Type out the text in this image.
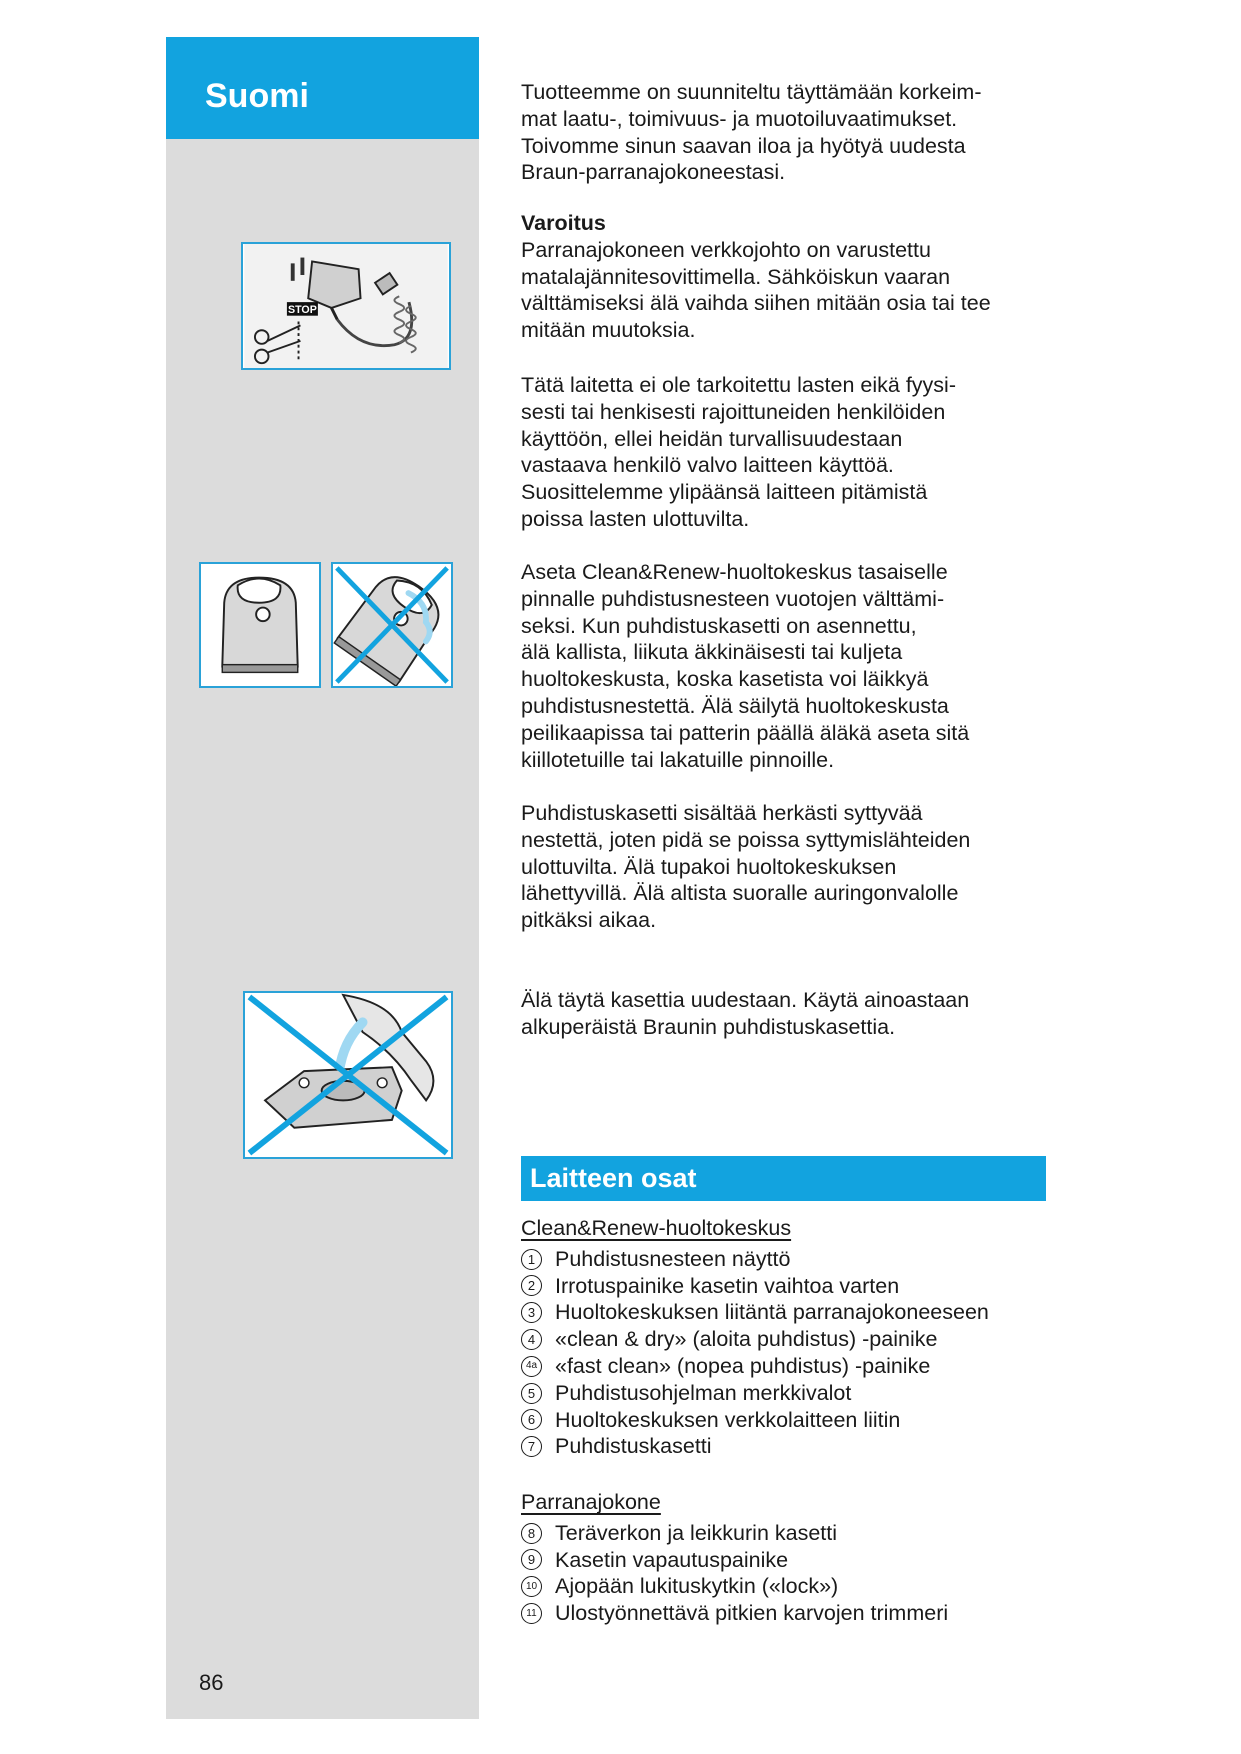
Suomi
86
STOP

Tuotteemme on suunniteltu täyttämään korkeim-

mat laatu-, toimivuus- ja muotoiluvaatimukset.

Toivomme sinun saavan iloa ja hyötyä uudesta

Braun-parranajokoneestasi.

Varoitus

Parranajokoneen verkkojohto on varustettu

matalajännitesovittimella. Sähköiskun vaaran

välttämiseksi älä vaihda siihen mitään osia tai tee

mitään muutoksia.

Tätä laitetta ei ole tarkoitettu lasten eikä fyysi-

sesti tai henkisesti rajoittuneiden henkilöiden

käyttöön, ellei heidän turvallisuudestaan

vastaava henkilö valvo laitteen käyttöä.

Suosittelemme ylipäänsä laitteen pitämistä

poissa lasten ulottuvilta.

Aseta Clean&Renew-huoltokeskus tasaiselle

pinnalle puhdistusnesteen vuotojen välttämi-

seksi. Kun puhdistuskasetti on asennettu,

älä kallista, liikuta äkkinäisesti tai kuljeta

huoltokeskusta, koska kasetista voi läikkyä

puhdistusnestettä. Älä säilytä huoltokeskusta

peilikaapissa tai patterin päällä äläkä aseta sitä

kiillotetuille tai lakatuille pinnoille.

Puhdistuskasetti sisältää herkästi syttyvää

nestettä, joten pidä se poissa syttymislähteiden

ulottuvilta. Älä tupakoi huoltokeskuksen

lähettyvillä. Älä altista suoralle auringonvalolle

pitkäksi aikaa.

Älä täytä kasettia uudestaan. Käytä ainoastaan

alkuperäistä Braunin puhdistuskasettia.

Laitteen osat

Clean&Renew-huoltokeskus

1 Puhdistusnesteen näyttö
2 Irrotuspainike kasetin vaihtoa varten
3 Huoltokeskuksen liitäntä parranajokoneeseen
4 «clean & dry» (aloita puhdistus) -painike
4a «fast clean» (nopea puhdistus) -painike
5 Puhdistusohjelman merkkivalot
6 Huoltokeskuksen verkkolaitteen liitin
7 Puhdistuskasetti

Parranajokone

8 Teräverkon ja leikkurin kasetti
9 Kasetin vapautuspainike
10 Ajopään lukituskytkin («lock»)
11 Ulostyönnettävä pitkien karvojen trimmeri
